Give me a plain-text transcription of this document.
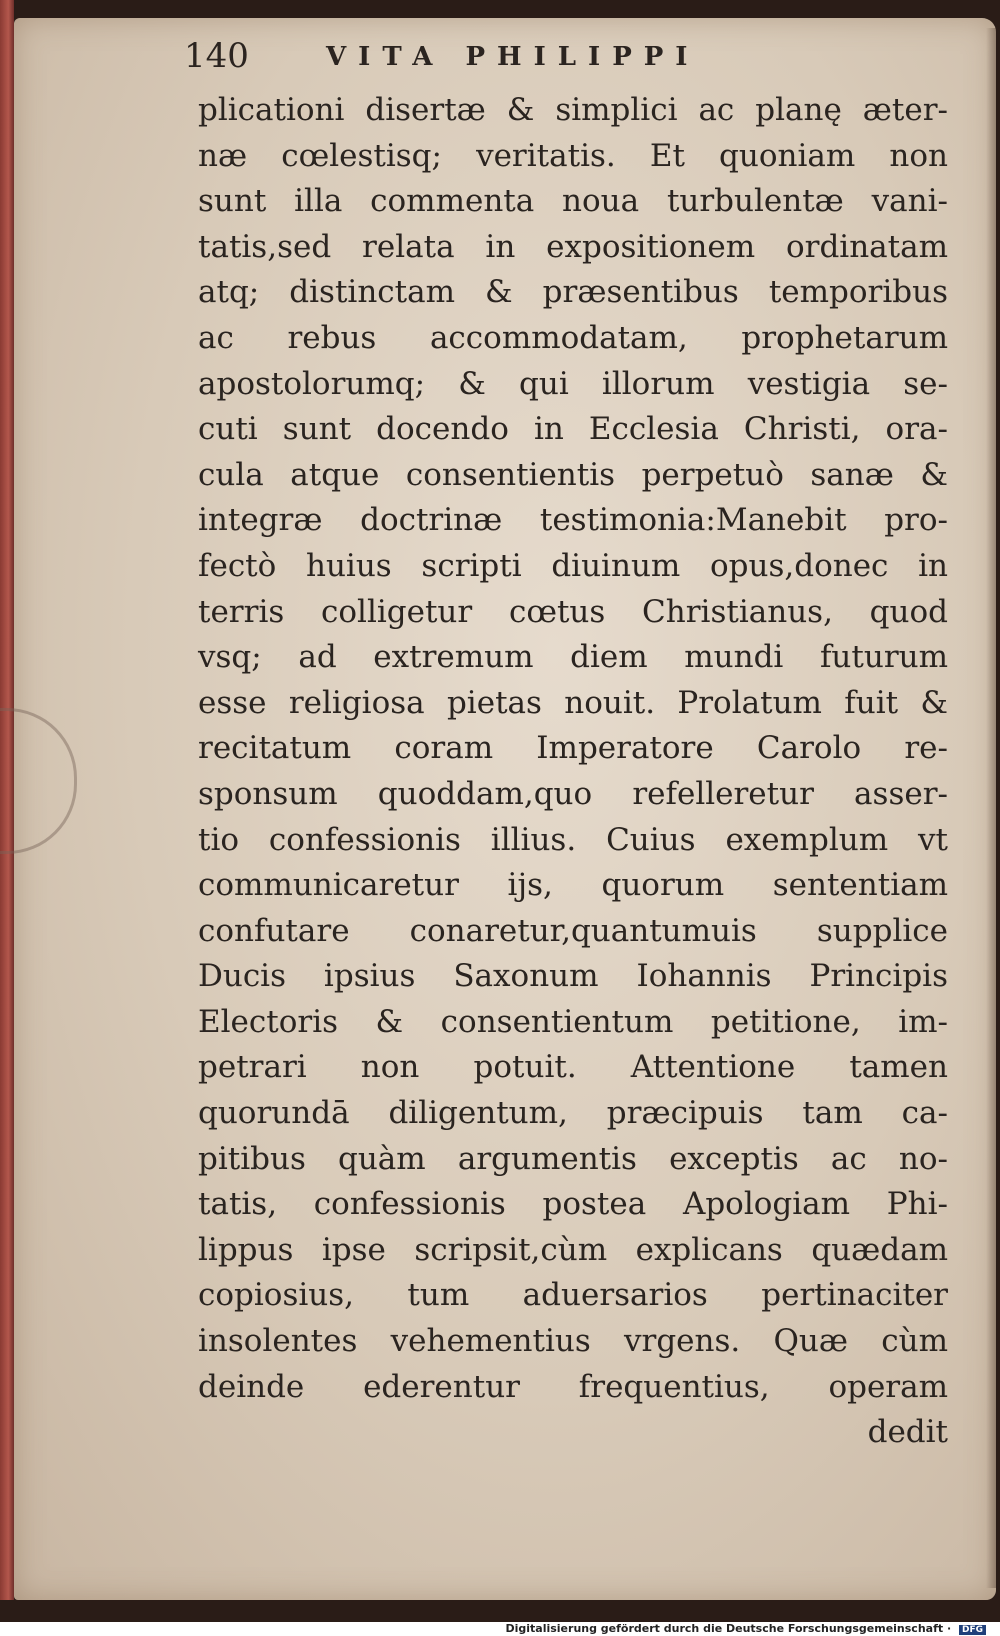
140	VITA PHILIPPI
plicationi disertæ & simplici ac planę æter-
næ cœlestisq; veritatis. Et quoniam non
sunt illa commenta noua turbulentæ vani-
tatis,sed relata in expositionem ordinatam
atq; distinctam & præsentibus temporibus
ac rebus accommodatam, prophetarum
apostolorumq; & qui illorum vestigia se-
cuti sunt docendo in Ecclesia Christi, ora-
cula atque consentientis perpetuò sanæ &
integræ doctrinæ testimonia:Manebit pro-
fectò huius scripti diuinum opus,donec in
terris colligetur cœtus Christianus, quod
vsq; ad extremum diem mundi futurum
esse religiosa pietas nouit. Prolatum fuit &
recitatum coram Imperatore Carolo re-
sponsum quoddam,quo refelleretur asser-
tio confessionis illius. Cuius exemplum vt
communicaretur ijs, quorum sententiam
confutare conaretur,quantumuis supplice
Ducis ipsius Saxonum Iohannis Principis
Electoris & consentientum petitione, im-
petrari non potuit. Attentione tamen
quorundā diligentum, præcipuis tam ca-
pitibus quàm argumentis exceptis ac no-
tatis, confessionis postea Apologiam Phi-
lippus ipse scripsit,cùm explicans quædam
copiosius, tum aduersarios pertinaciter
insolentes vehementius vrgens. Quæ cùm
deinde ederentur frequentius, operam
dedit
Digitalisierung gefördert durch die Deutsche Forschungsgemeinschaft · DFG
